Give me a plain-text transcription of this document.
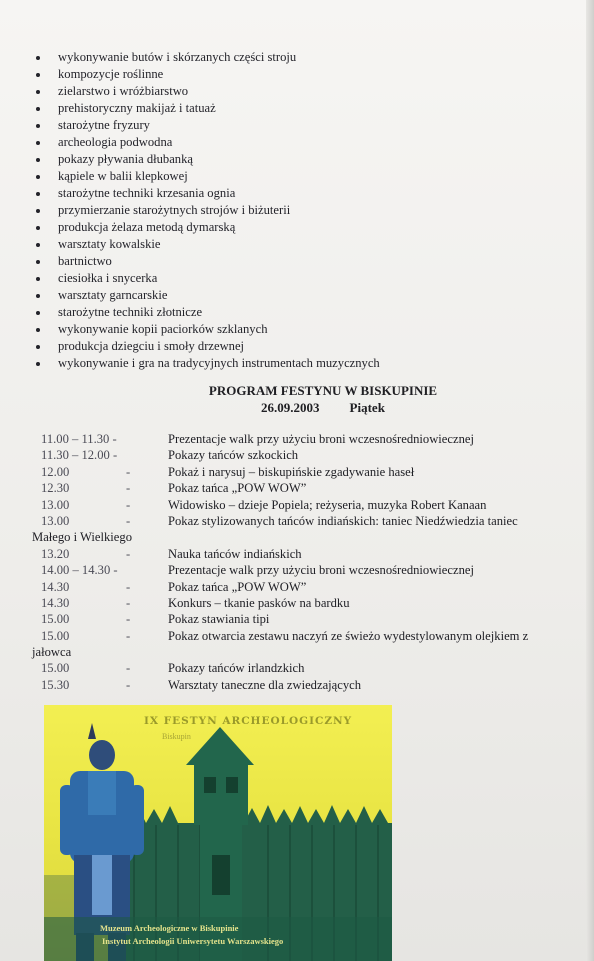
wykonywanie butów i skórzanych części stroju
kompozycje roślinne
zielarstwo i wróżbiarstwo
prehistoryczny makijaż i tatuaż
starożytne fryzury
archeologia podwodna
pokazy pływania dłubanką
kąpiele w balii klepkowej
starożytne techniki krzesania ognia
przymierzanie starożytnych strojów i biżuterii
produkcja żelaza metodą dymarską
warsztaty kowalskie
bartnictwo
ciesiołka i snycerka
warsztaty garncarskie
starożytne techniki złotnicze
wykonywanie kopii paciorków szklanych
produkcja dziegciu i smoły drzewnej
wykonywanie i gra na tradycyjnych instrumentach muzycznych
PROGRAM FESTYNU W BISKUPINIE
26.09.2003 Piątek
11.00 – 11.30 -	Prezentacje walk przy użyciu broni wczesnośredniowiecznej
11.30 – 12.00 -	Pokazy tańców szkockich
12.00	-	Pokaż i narysuj – biskupińskie zgadywanie haseł
12.30	-	Pokaz tańca „POW WOW”
13.00	-	Widowisko – dzieje Popiela; reżyseria, muzyka Robert Kanaan
13.00	-	Pokaz stylizowanych tańców indiańskich: taniec Niedźwiedzia taniec
Małego i Wielkiego
13.20	-	Nauka tańców indiańskich
14.00 – 14.30 -	Prezentacje walk przy użyciu broni wczesnośredniowiecznej
14.30	-	Pokaz tańca „POW WOW”
14.30	-	Konkurs – tkanie pasków na bardku
15.00	-	Pokaz stawiania tipi
15.00	-	Pokaz otwarcia zestawu naczyń ze świeżo wydestylowanym olejkiem z
jałowca
15.00	-	Pokazy tańców irlandzkich
15.30	-	Warsztaty taneczne dla zwiedzających
IX FESTYN ARCHEOLOGICZNY
Biskupin
Muzeum Archeologiczne w Biskupinie
Instytut Archeologii Uniwersytetu Warszawskiego
